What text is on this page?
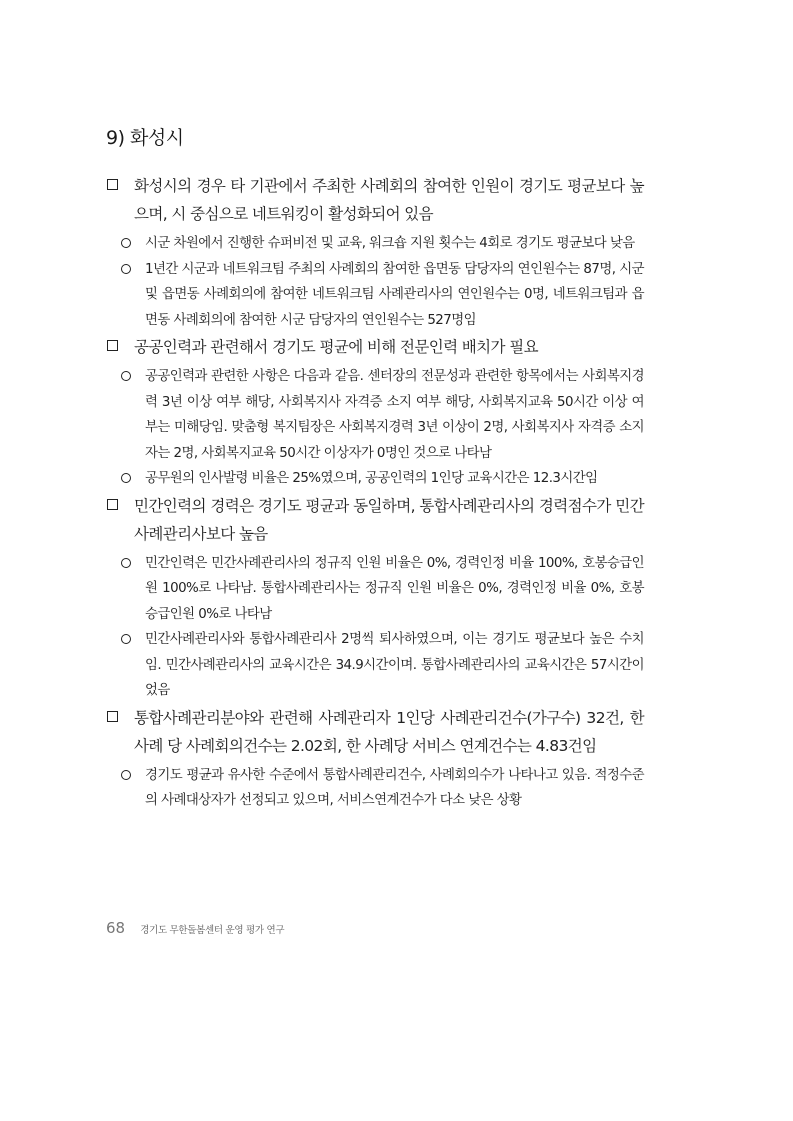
9) 화성시
화성시의 경우 타 기관에서 주최한 사례회의 참여한 인원이 경기도 평균보다 높으며, 시 중심으로 네트워킹이 활성화되어 있음
시군 차원에서 진행한 슈퍼비전 및 교육, 워크숍 지원 횟수는 4회로 경기도 평균보다 낮음
1년간 시군과 네트워크팀 주최의 사례회의 참여한 읍면동 담당자의 연인원수는 87명, 시군 및 읍면동 사례회의에 참여한 네트워크팀 사례관리사의 연인원수는 0명, 네트워크팀과 읍면동 사례회의에 참여한 시군 담당자의 연인원수는 527명임
공공인력과 관련해서 경기도 평균에 비해 전문인력 배치가 필요
공공인력과 관련한 사항은 다음과 같음. 센터장의 전문성과 관련한 항목에서는 사회복지경력 3년 이상 여부 해당, 사회복지사 자격증 소지 여부 해당, 사회복지교육 50시간 이상 여부는 미해당임. 맞춤형 복지팀장은 사회복지경력 3년 이상이 2명, 사회복지사 자격증 소지자는 2명, 사회복지교육 50시간 이상자가 0명인 것으로 나타남
공무원의 인사발령 비율은 25%였으며, 공공인력의 1인당 교육시간은 12.3시간임
민간인력의 경력은 경기도 평균과 동일하며, 통합사례관리사의 경력점수가 민간사례관리사보다 높음
민간인력은 민간사례관리사의 정규직 인원 비율은 0%, 경력인정 비율 100%, 호봉승급인원 100%로 나타남. 통합사례관리사는 정규직 인원 비율은 0%, 경력인정 비율 0%, 호봉승급인원 0%로 나타남
민간사례관리사와 통합사례관리사 2명씩 퇴사하였으며, 이는 경기도 평균보다 높은 수치 임. 민간사례관리사의 교육시간은 34.9시간이며. 통합사례관리사의 교육시간은 57시간이었음
통합사례관리분야와 관련해 사례관리자 1인당 사례관리건수(가구수) 32건, 한 사례 당 사례회의건수는 2.02회, 한 사례당 서비스 연계건수는 4.83건임
경기도 평균과 유사한 수준에서 통합사례관리건수, 사례회의수가 나타나고 있음. 적정수준의 사례대상자가 선정되고 있으며, 서비스연계건수가 다소 낮은 상황
68 경기도 무한돌봄센터 운영 평가 연구
